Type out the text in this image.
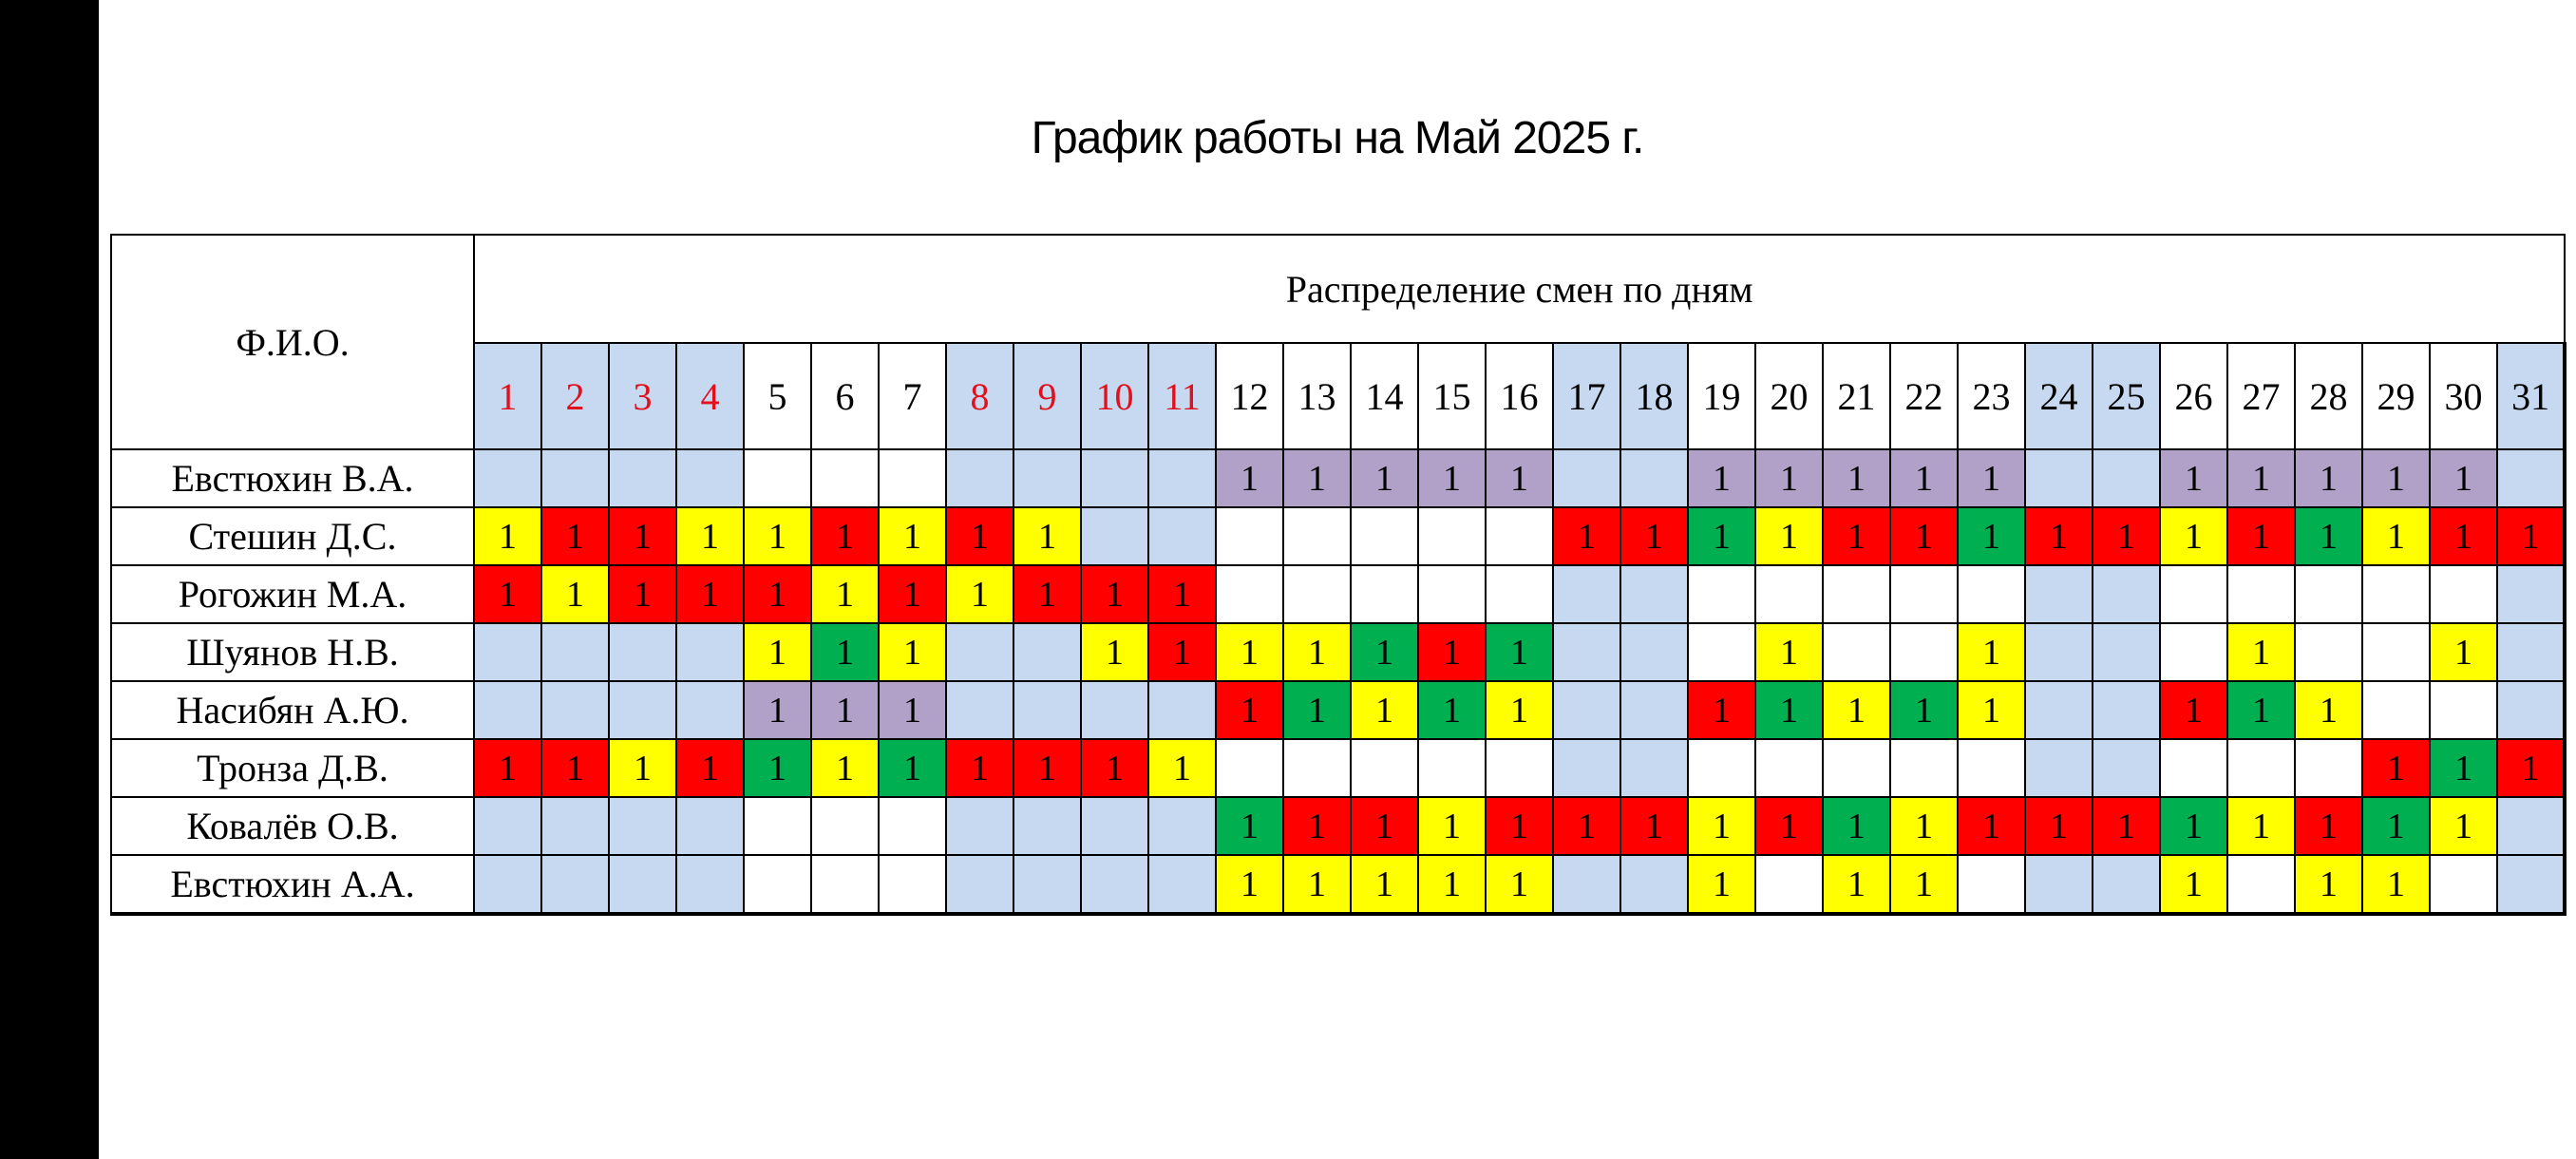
График работы на Май 2025 г.
Ф.И.О.	Распределение смен по дням																														
	1	2	3	4	5	6	7	8	9	10	11	12	13	14	15	16	17	18	19	20	21	22	23	24	25	26	27	28	29	30	31
Евстюхин В.А.												1	1	1	1	1			1	1	1	1	1			1	1	1	1	1	
Стешин Д.С.	1	1	1	1	1	1	1	1	1								1	1	1	1	1	1	1	1	1	1	1	1	1	1	1
Рогожин М.А.	1	1	1	1	1	1	1	1	1	1	1																				
Шуянов Н.В.					1	1	1			1	1	1	1	1	1	1				1			1				1			1	
Насибян А.Ю.					1	1	1					1	1	1	1	1			1	1	1	1	1			1	1	1			
Тронза Д.В.	1	1	1	1	1	1	1	1	1	1	1																		1	1	1
Ковалёв О.В.												1	1	1	1	1	1	1	1	1	1	1	1	1	1	1	1	1	1	1	
Евстюхин А.А.												1	1	1	1	1			1		1	1				1		1	1		
